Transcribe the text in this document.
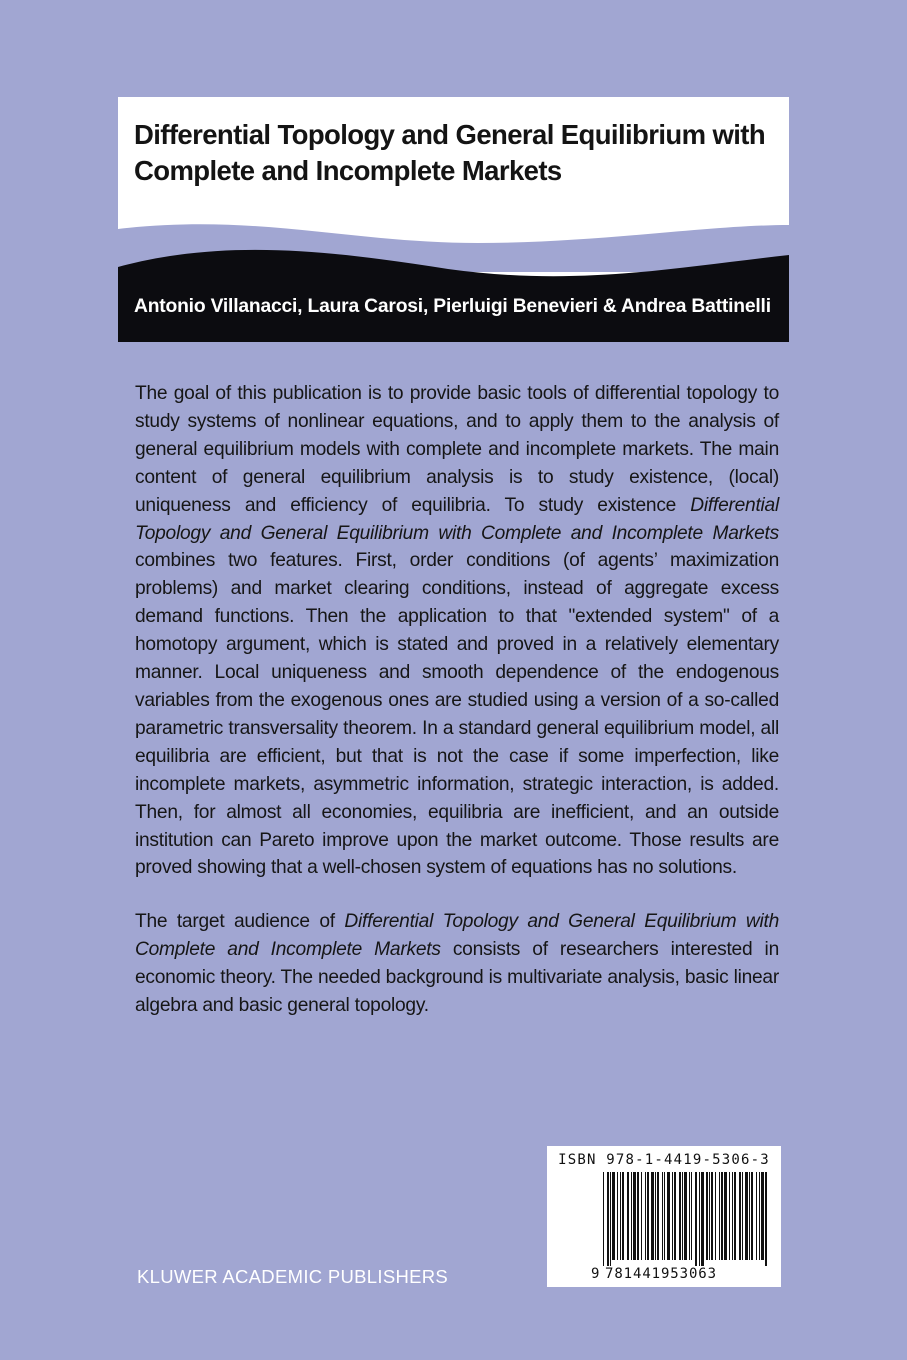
Differential Topology and General Equilibrium with Complete and Incomplete Markets
Antonio Villanacci, Laura Carosi, Pierluigi Benevieri & Andrea Battinelli

The goal of this publication is to provide basic tools of differential topology to study systems of nonlinear equations, and to apply them to the analysis of general equilibrium models with complete and incomplete markets. The main content of general equilibrium analysis is to study existence, (local) uniqueness and efficiency of equilibria. To study existence Differential Topology and General Equilibrium with Complete and Incomplete Markets combines two features. First, order conditions (of agents’ maximization problems) and market clearing conditions, instead of aggregate excess demand functions. Then the application to that "extended system" of a homotopy argument, which is stated and proved in a relatively elementary manner. Local uniqueness and smooth dependence of the endogenous variables from the exogenous ones are studied using a version of a so-called parametric transversality theorem. In a standard general equilibrium model, all equilibria are efficient, but that is not the case if some imperfection, like incomplete markets, asymmetric information, strategic interaction, is added. Then, for almost all economies, equilibria are inefficient, and an outside institution can Pareto improve upon the market outcome. Those results are proved showing that a well-chosen system of equations has no solutions.

The target audience of Differential Topology and General Equilibrium with Complete and Incomplete Markets consists of researchers interested in economic theory. The needed background is multivariate analysis, basic linear algebra and basic general topology.

KLUWER ACADEMIC PUBLISHERS
ISBN 978-1-4419-5306-3
9 781441953063
